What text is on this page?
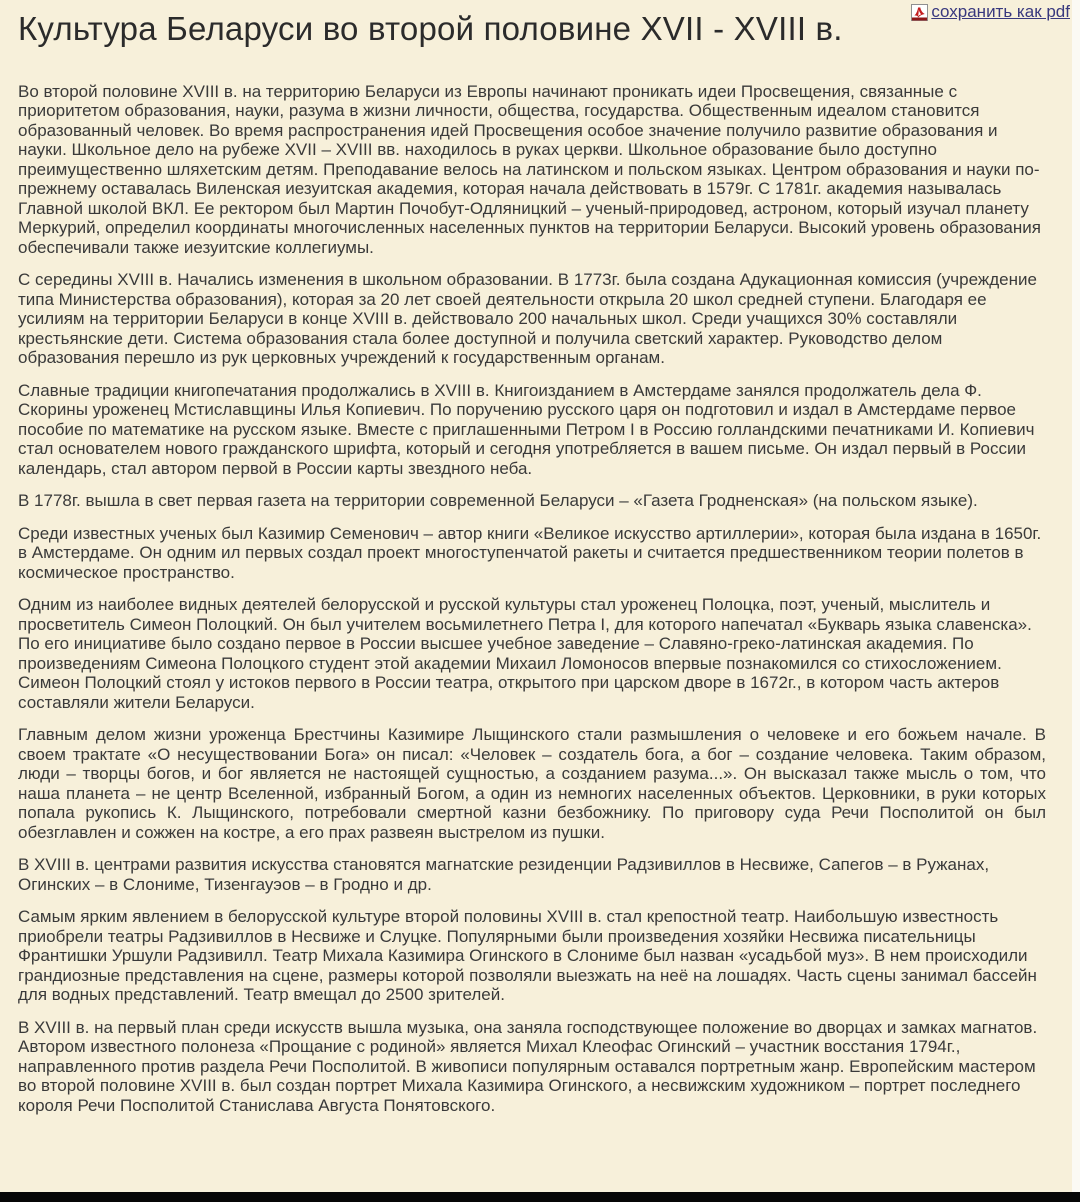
сохранить как pdf
Культура Беларуси во второй половине XVII - XVIII в.

Во второй половине XVIII в. на территорию Беларуси из Европы начинают проникать идеи Просвещения, связанные с приоритетом образования, науки, разума в жизни личности, общества, государства. Общественным идеалом становится образованный человек. Во время распространения идей Просвещения особое значение получило развитие образования и науки. Школьное дело на рубеже XVII – XVIII вв. находилось в руках церкви. Школьное образование было доступно преимущественно шляхетским детям. Преподавание велось на латинском и польском языках. Центром образования и науки по-прежнему оставалась Виленская иезуитская академия, которая начала действовать в 1579г. С 1781г. академия называлась Главной школой ВКЛ. Ее ректором был Мартин Почобут-Одляницкий – ученый-природовед, астроном, который изучал планету Меркурий, определил координаты многочисленных населенных пунктов на территории Беларуси. Высокий уровень образования обеспечивали также иезуитские коллегиумы.

С середины XVIII в. Начались изменения в школьном образовании. В 1773г. была создана Адукационная комиссия (учреждение типа Министерства образования), которая за 20 лет своей деятельности открыла 20 школ средней ступени. Благодаря ее усилиям на территории Беларуси в конце XVIII в. действовало 200 начальных школ. Среди учащихся 30% составляли крестьянские дети. Система образования стала более доступной и получила светский характер. Руководство делом образования перешло из рук церковных учреждений к государственным органам.

Славные традиции книгопечатания продолжались в XVIII в. Книгоизданием в Амстердаме занялся продолжатель дела Ф. Скорины уроженец Мстиславщины Илья Копиевич. По поручению русского царя он подготовил и издал в Амстердаме первое пособие по математике на русском языке. Вместе с приглашенными Петром I в Россию голландскими печатниками И. Копиевич стал основателем нового гражданского шрифта, который и сегодня употребляется в вашем письме. Он издал первый в России календарь, стал автором первой в России карты звездного неба.

В 1778г. вышла в свет первая газета на территории современной Беларуси – «Газета Гродненская» (на польском языке).

Среди известных ученых был Казимир Семенович – автор книги «Великое искусство артиллерии», которая была издана в 1650г. в Амстердаме. Он одним ил первых создал проект многоступенчатой ракеты и считается предшественником теории полетов в космическое пространство.

Одним из наиболее видных деятелей белорусской и русской культуры стал уроженец Полоцка, поэт, ученый, мыслитель и просветитель Симеон Полоцкий. Он был учителем восьмилетнего Петра I, для которого напечатал «Букварь языка славенска». По его инициативе было создано первое в России высшее учебное заведение – Славяно-греко-латинская академия. По произведениям Симеона Полоцкого студент этой академии Михаил Ломоносов впервые познакомился со стихосложением. Симеон Полоцкий стоял у истоков первого в России театра, открытого при царском дворе в 1672г., в котором часть актеров составляли жители Беларуси.

Главным делом жизни уроженца Брестчины Казимире Лыщинского стали размышления о человеке и его божьем начале. В своем трактате «О несуществовании Бога» он писал: «Человек – создатель бога, а бог – создание человека. Таким образом, люди – творцы богов, и бог является не настоящей сущностью, а созданием разума...». Он высказал также мысль о том, что наша планета – не центр Вселенной, избранный Богом, а один из немногих населенных объектов. Церковники, в руки которых попала рукопись К. Лыщинского, потребовали смертной казни безбожнику. По приговору суда Речи Посполитой он был обезглавлен и сожжен на костре, а его прах развеян выстрелом из пушки.

В XVIII в. центрами развития искусства становятся магнатские резиденции Радзивиллов в Несвиже, Сапегов – в Ружанах, Огинских – в Слониме, Тизенгауэов – в Гродно и др.

Самым ярким явлением в белорусской культуре второй половины XVIII в. стал крепостной театр. Наибольшую известность приобрели театры Радзивиллов в Несвиже и Слуцке. Популярными были произведения хозяйки Несвижа писательницы Франтишки Уршули Радзивилл. Театр Михала Казимира Огинского в Слониме был назван «усадьбой муз». В нем происходили грандиозные представления на сцене, размеры которой позволяли выезжать на неё на лошадях. Часть сцены занимал бассейн для водных представлений. Театр вмещал до 2500 зрителей.

В XVIII в. на первый план среди искусств вышла музыка, она заняла господствующее положение во дворцах и замках магнатов. Автором известного полонеза «Прощание с родиной» является Михал Клеофас Огинский – участник восстания 1794г., направленного против раздела Речи Посполитой. В живописи популярным оставался портретным жанр. Европейским мастером во второй половине XVIII в. был создан портрет Михала Казимира Огинского, а несвижским художником – портрет последнего короля Речи Посполитой Станислава Августа Понятовского.
